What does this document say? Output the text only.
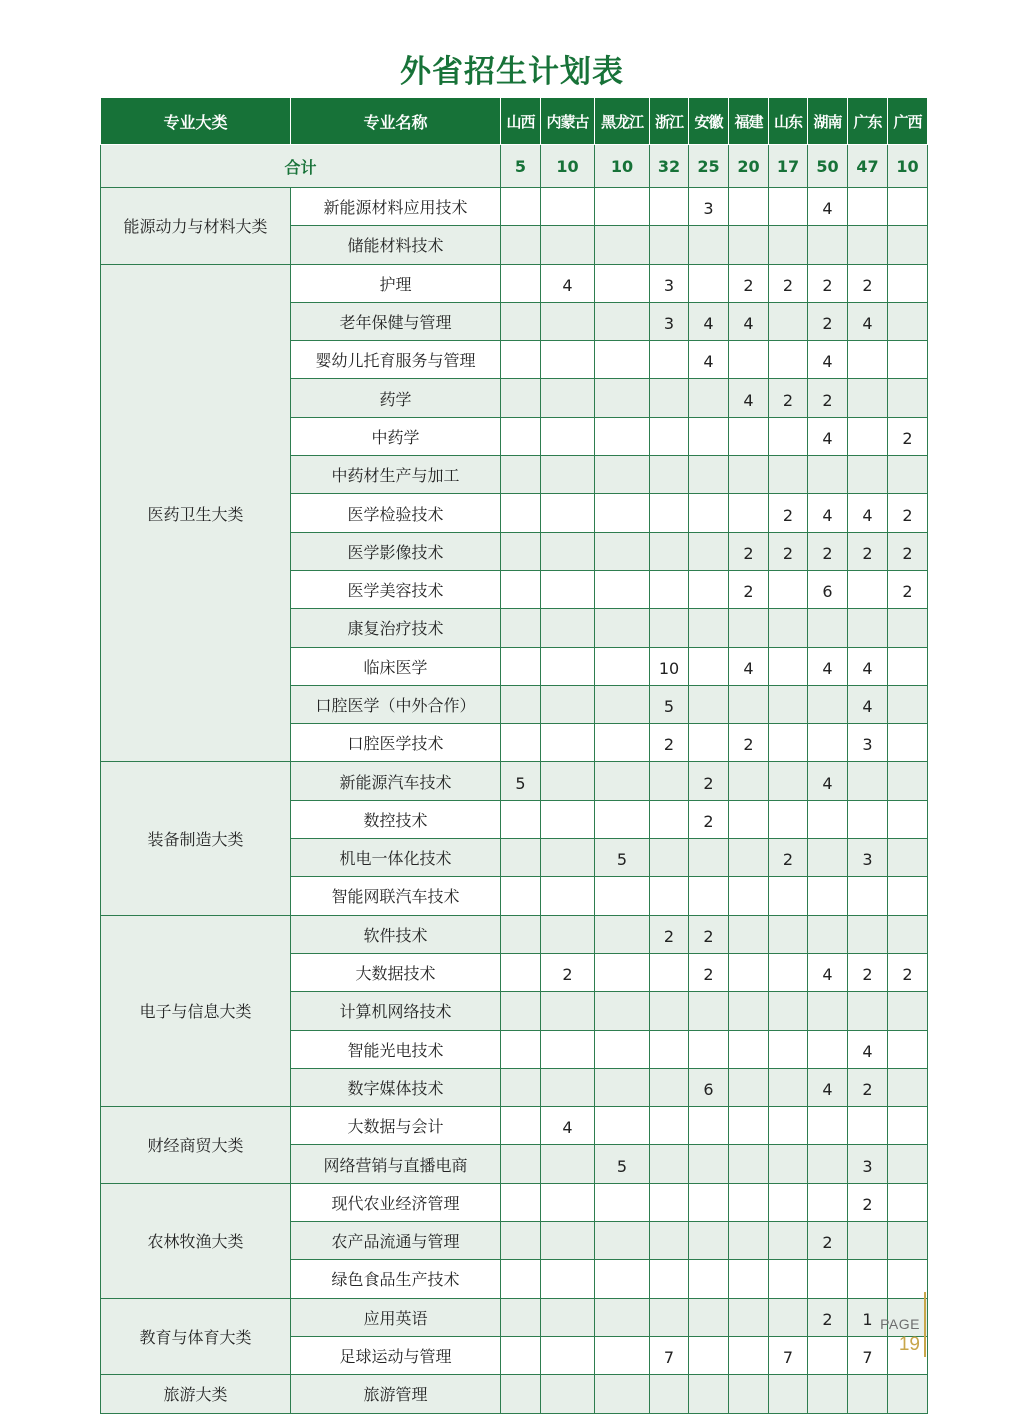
外省招生计划表
专业大类	专业名称	山西	内蒙古	黑龙江	浙江	安徽	福建	山东	湖南	广东	广西
合计		5	10	10	32	25	20	17	50	47	10
能源动力与材料大类	新能源材料应用技术					3			4		
	储能材料技术										
医药卫生大类	护理		4		3		2	2	2	2	
	老年保健与管理				3	4	4		2	4	
	婴幼儿托育服务与管理					4			4		
	药学						4	2	2		
	中药学								4		2
	中药材生产与加工										
	医学检验技术							2	4	4	2
	医学影像技术						2	2	2	2	2
	医学美容技术						2		6		2
	康复治疗技术										
	临床医学				10		4		4	4	
	口腔医学（中外合作）				5					4	
	口腔医学技术				2		2			3	
装备制造大类	新能源汽车技术	5				2			4		
	数控技术					2					
	机电一体化技术			5				2		3	
	智能网联汽车技术										
电子与信息大类	软件技术				2	2					
	大数据技术		2			2			4	2	2
	计算机网络技术										
	智能光电技术									4	
	数字媒体技术					6			4	2	
财经商贸大类	大数据与会计		4								
	网络营销与直播电商			5						3	
农林牧渔大类	现代农业经济管理									2	
	农产品流通与管理								2		
	绿色食品生产技术										
教育与体育大类	应用英语								2	1	
	足球运动与管理				7			7		7	
旅游大类	旅游管理										
PAGE
19
